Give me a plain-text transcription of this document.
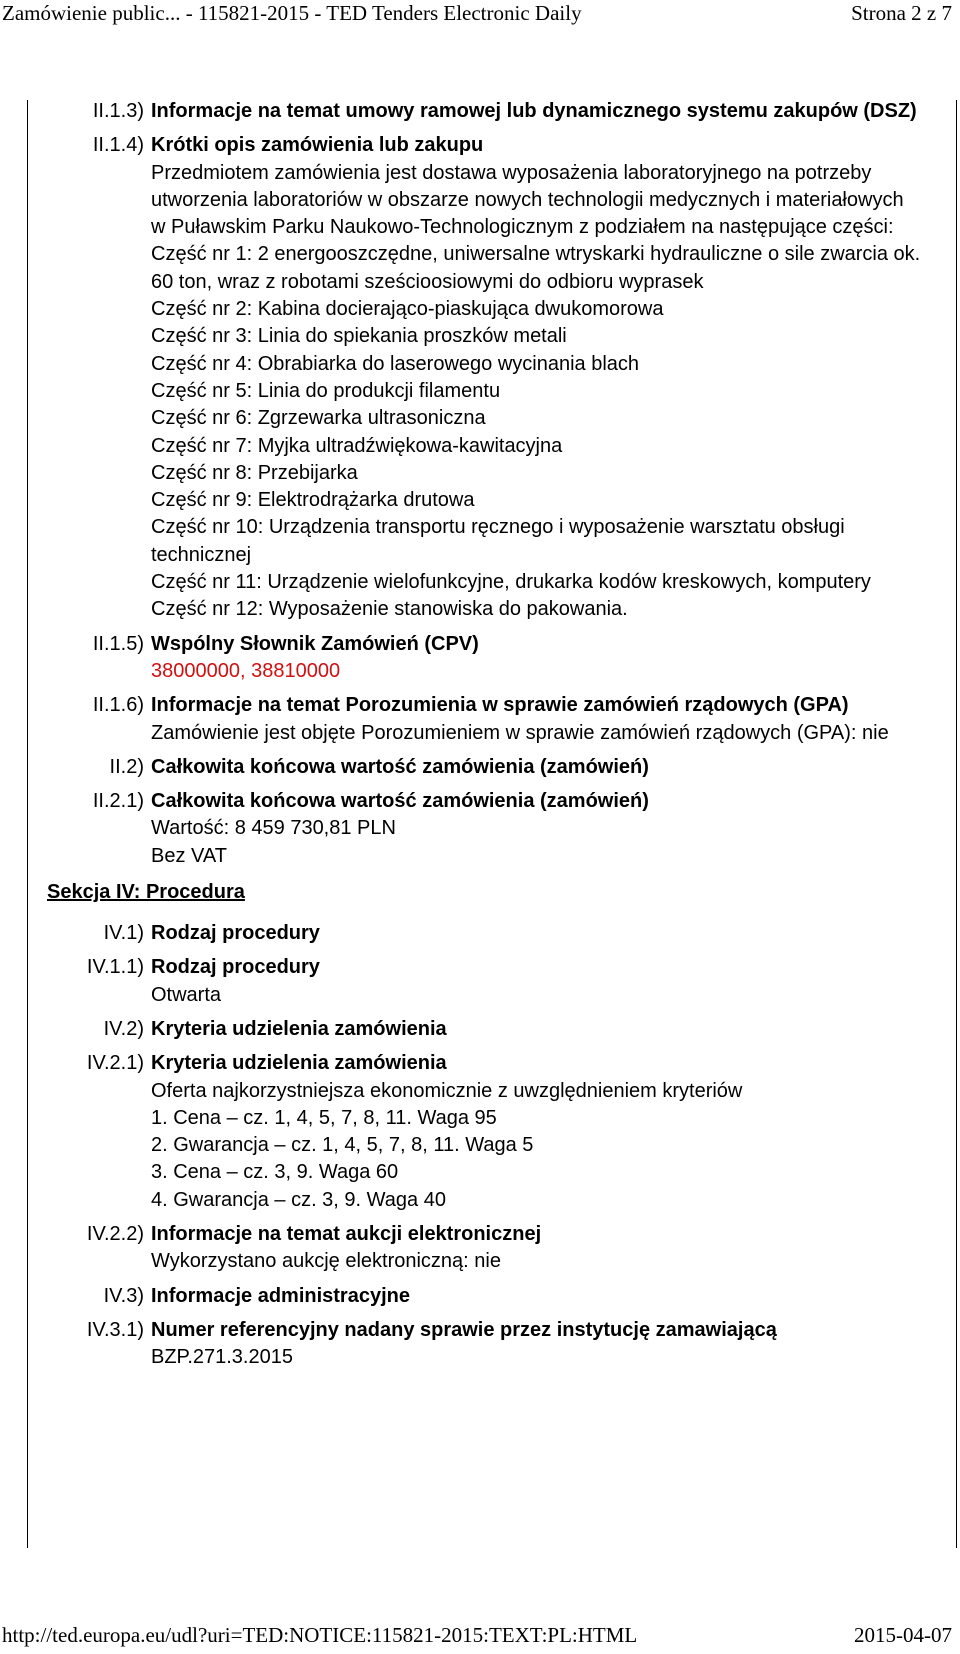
Zamówienie public... - 115821-2015 - TED Tenders Electronic Daily	Strona 2 z 7
II.1.3) Informacje na temat umowy ramowej lub dynamicznego systemu zakupów (DSZ)
II.1.4) Krótki opis zamówienia lub zakupu
Przedmiotem zamówienia jest dostawa wyposażenia laboratoryjnego na potrzeby utworzenia laboratoriów w obszarze nowych technologii medycznych i materiałowych w Puławskim Parku Naukowo-Technologicznym z podziałem na następujące części:
Część nr 1: 2 energooszczędne, uniwersalne wtryskarki hydrauliczne o sile zwarcia ok. 60 ton, wraz z robotami sześcioosiowymi do odbioru wyprasek
Część nr 2: Kabina docierająco-piaskująca dwukomorowa
Część nr 3: Linia do spiekania proszków metali
Część nr 4: Obrabiarka do laserowego wycinania blach
Część nr 5: Linia do produkcji filamentu
Część nr 6: Zgrzewarka ultrasoniczna
Część nr 7: Myjka ultradźwiękowa-kawitacyjna
Część nr 8: Przebijarka
Część nr 9: Elektrodrążarka drutowa
Część nr 10: Urządzenia transportu ręcznego i wyposażenie warsztatu obsługi technicznej
Część nr 11: Urządzenie wielofunkcyjne, drukarka kodów kreskowych, komputery
Część nr 12: Wyposażenie stanowiska do pakowania.
II.1.5) Wspólny Słownik Zamówień (CPV)
38000000, 38810000
II.1.6) Informacje na temat Porozumienia w sprawie zamówień rządowych (GPA)
Zamówienie jest objęte Porozumieniem w sprawie zamówień rządowych (GPA): nie
II.2) Całkowita końcowa wartość zamówienia (zamówień)
II.2.1) Całkowita końcowa wartość zamówienia (zamówień)
Wartość: 8 459 730,81 PLN
Bez VAT
Sekcja IV: Procedura
IV.1) Rodzaj procedury
IV.1.1) Rodzaj procedury
Otwarta
IV.2) Kryteria udzielenia zamówienia
IV.2.1) Kryteria udzielenia zamówienia
Oferta najkorzystniejsza ekonomicznie z uwzględnieniem kryteriów
1. Cena – cz. 1, 4, 5, 7, 8, 11. Waga 95
2. Gwarancja – cz. 1, 4, 5, 7, 8, 11. Waga 5
3. Cena – cz. 3, 9. Waga 60
4. Gwarancja – cz. 3, 9. Waga 40
IV.2.2) Informacje na temat aukcji elektronicznej
Wykorzystano aukcję elektroniczną: nie
IV.3) Informacje administracyjne
IV.3.1) Numer referencyjny nadany sprawie przez instytucję zamawiającą
BZP.271.3.2015
http://ted.europa.eu/udl?uri=TED:NOTICE:115821-2015:TEXT:PL:HTML	2015-04-07
